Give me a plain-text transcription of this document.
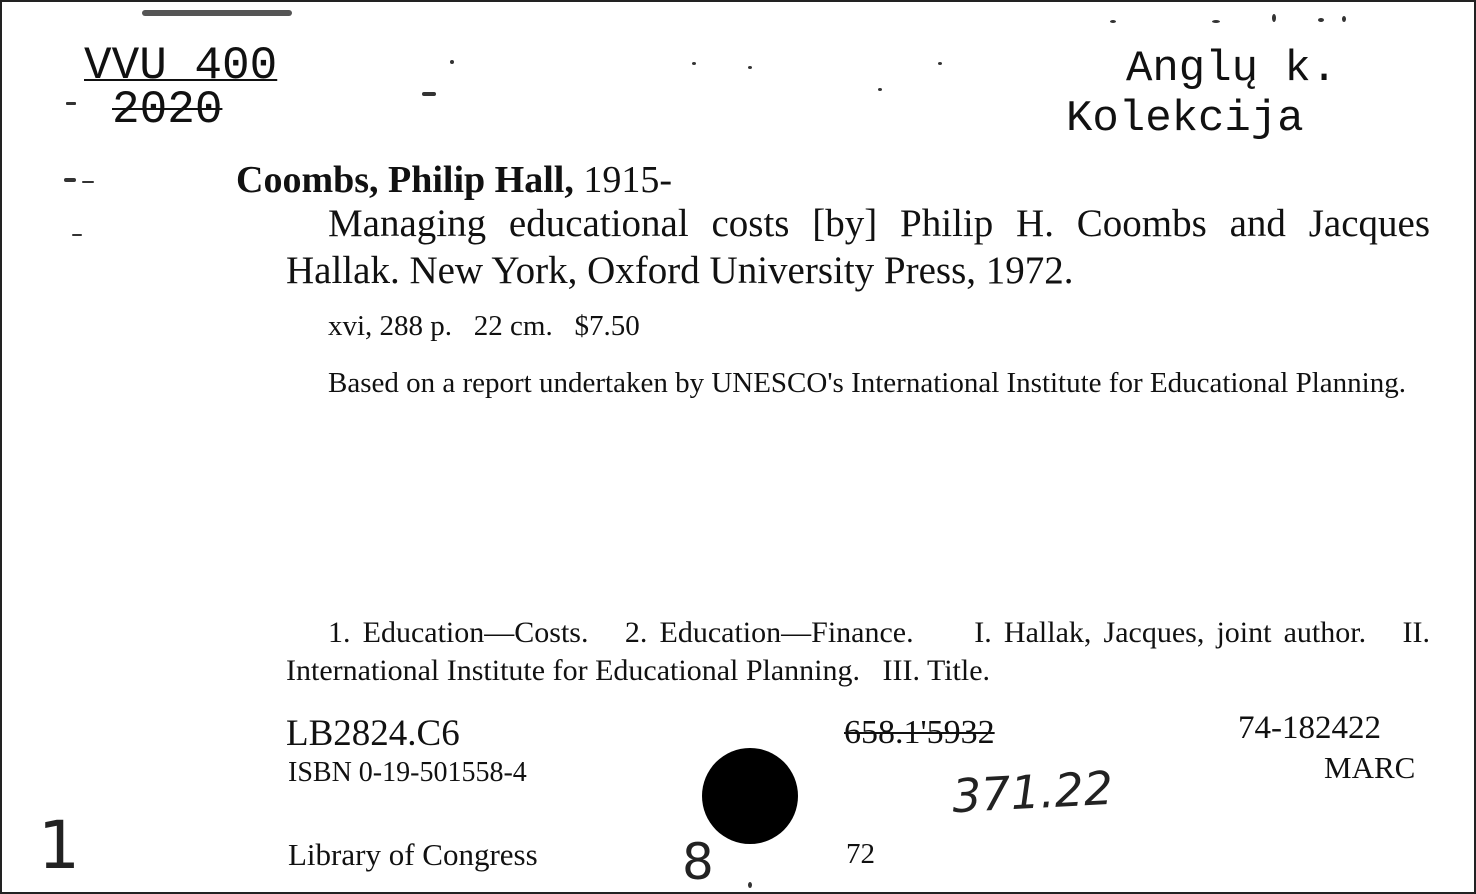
VVU 400
2020
Anglų k.
Kolekcija
Coombs, Philip Hall, 1915-
Managing educational costs [by] Philip H. Coombs and Jacques Hallak. New York, Oxford University Press, 1972.
xvi, 288 p.   22 cm.   $7.50
Based on a report undertaken by UNESCO's International Institute for Educational Planning.
1. Education—Costs.   2. Education—Finance.     I. Hallak, Jacques, joint author.   II. International Institute for Educational Planning.   III. Title.
LB2824.C6	658.1'5932	74-182422
ISBN 0-19-501558-4	MARC
371.22
1	Library of Congress	8	72
